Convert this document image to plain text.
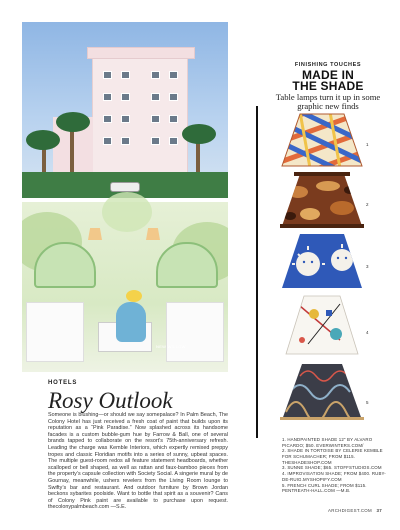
NEW WILLOW
HOTELS
Rosy Outlook

Someone is blushing—or should we say somepalace? In Palm Beach, The Colony Hotel has just received a fresh coat of paint that builds upon its reputation as a “Pink Paradise.” Now splashed across its handsome facades is a custom bubble-gum hue by Farrow & Ball, one of several brands tapped to collaborate on the resort’s 75th-anniversary refresh. Leading the charge was Kemble Interiors, which expertly remixed preppy tropes and classic Floridian motifs into a series of sunny, upbeat spaces. The multiple guest-room redos all feature statement headboards, whether scalloped or bell shaped, as well as rattan and faux-bamboo pieces from the property’s capsule collection with Society Social. A singerie mural by de Gournay, meanwhile, ushers revelers from the Living Room lounge to Swifty’s bar and restaurant. And outdoor furniture by Brown Jordan beckons sybarites poolside. Want to bottle that spirit as a souvenir? Cans of Colony Pink paint are available to purchase upon request. thecolonypalmbeach.com —S.E.

FINISHING TOUCHES
MADE IN
THE SHADE
Table lamps turn it up in some graphic new finds
1
2
3
4
5
1. HANDPAINTED SHADE 12" BY ALVARO PICARDO; $50. EVERWINTERS.COM/
2. SHADE IN TORTOISE BY CELERIE KEMBLE FOR SCHUMACHER; FROM $115. THESHADESHOP.COM
3. SUNNE SHADE; $65. STOFFSTUDIOS.COM
4. IMPROVISATION SHADE; FROM $400. RUBY-DE-RUIG.MYSHOPIFY.COM
5. FRENCH CURL SHADE; FROM $115. PENTREATH-HALL.COM —M.B.
ARCHDIGEST.COM 37
